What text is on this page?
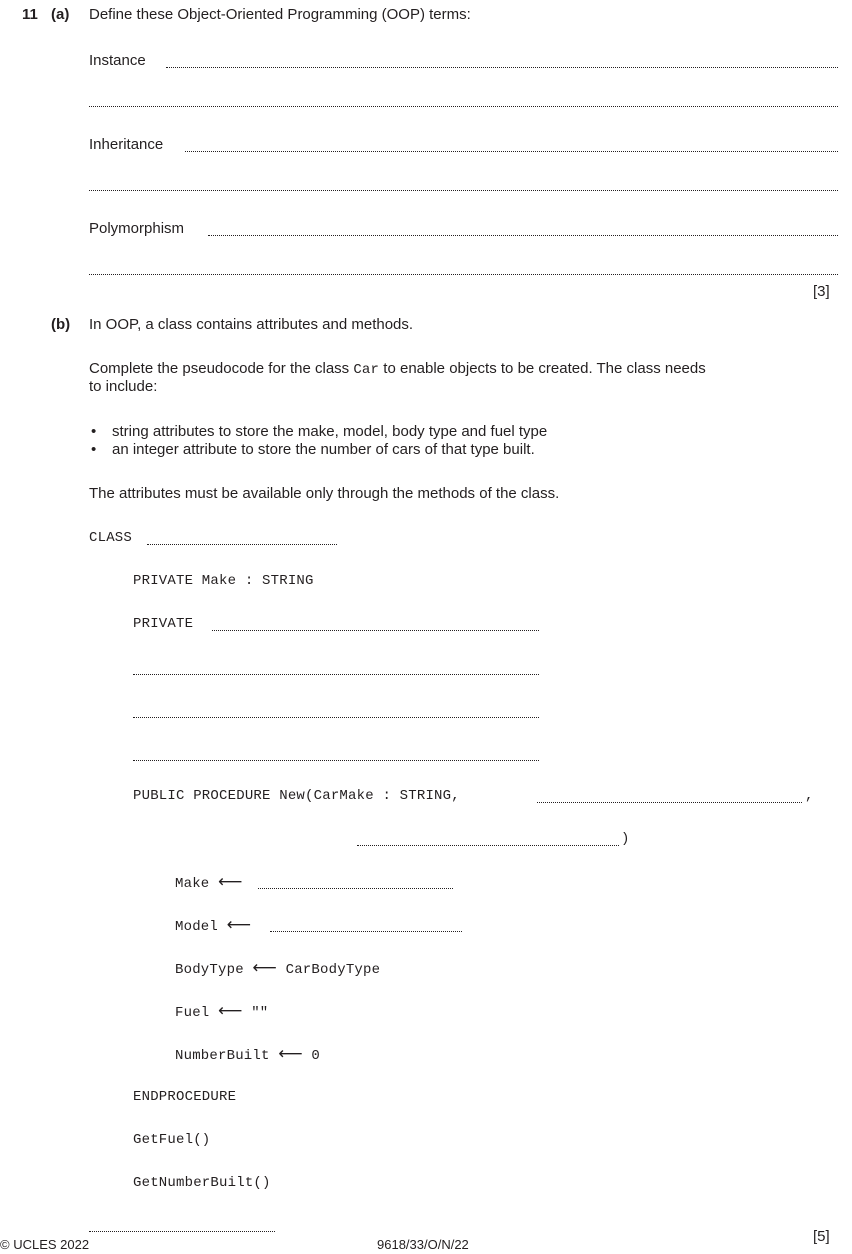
11 (a) Define these Object-Oriented Programming (OOP) terms:
Instance
Inheritance
Polymorphism
[3]
(b) In OOP, a class contains attributes and methods.
Complete the pseudocode for the class Car to enable objects to be created. The class needs
to include:
• string attributes to store the make, model, body type and fuel type
• an integer attribute to store the number of cars of that type built.
The attributes must be available only through the methods of the class.
CLASS
PRIVATE Make : STRING
PRIVATE
PUBLIC PROCEDURE New(CarMake : STRING,	,
)
Make ⟵
Model ⟵
BodyType ⟵ CarBodyType
Fuel ⟵ ""
NumberBuilt ⟵ 0
ENDPROCEDURE
GetFuel()
GetNumberBuilt()
[5]
© UCLES 2022	9618/33/O/N/22
